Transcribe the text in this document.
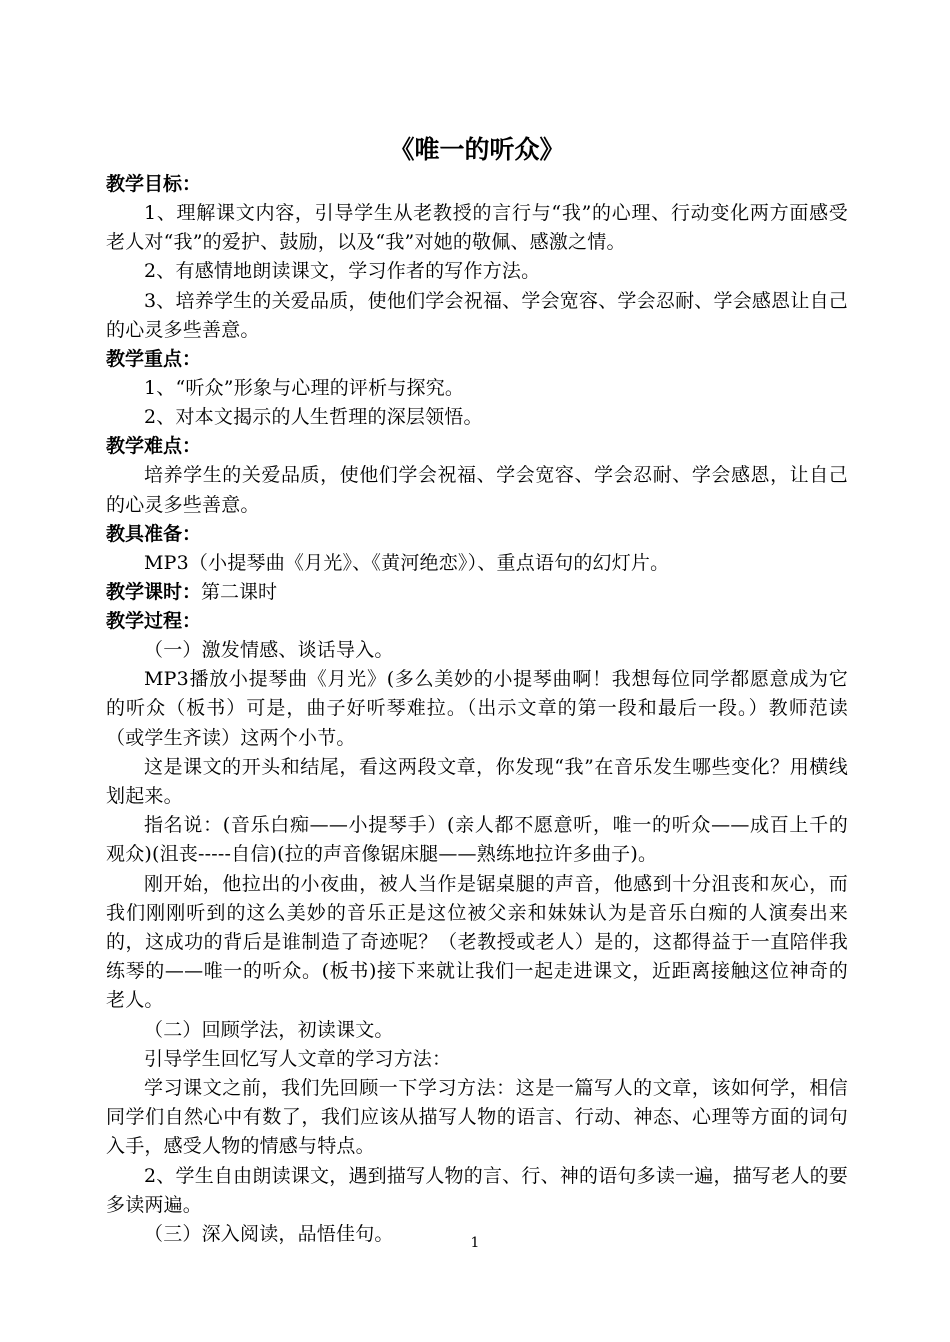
《唯一的听众》
教学目标：

1、理解课文内容，引导学生从老教授的言行与“我”的心理、行动变化两方面感受老人对“我”的爱护、鼓励，以及“我”对她的敬佩、感激之情。

2、有感情地朗读课文，学习作者的写作方法。

3、培养学生的关爱品质，使他们学会祝福、学会宽容、学会忍耐、学会感恩让自己的心灵多些善意。

教学重点：

1、“听众”形象与心理的评析与探究。

2、对本文揭示的人生哲理的深层领悟。

教学难点：

培养学生的关爱品质，使他们学会祝福、学会宽容、学会忍耐、学会感恩，让自己的心灵多些善意。

教具准备：

MP3（小提琴曲《月光》、《黄河绝恋》）、重点语句的幻灯片。

教学课时：第二课时
教学过程：

（一）激发情感、谈话导入。

MP3播放小提琴曲《月光》(多么美妙的小提琴曲啊！我想每位同学都愿意成为它的听众（板书）可是，曲子好听琴难拉。（出示文章的第一段和最后一段。）教师范读（或学生齐读）这两个小节。

这是课文的开头和结尾，看这两段文章，你发现“我”在音乐发生哪些变化？用横线划起来。

指名说：(音乐白痴——小提琴手）(亲人都不愿意听，唯一的听众——成百上千的观众)(沮丧-----自信)(拉的声音像锯床腿——熟练地拉许多曲子)。

刚开始，他拉出的小夜曲，被人当作是锯桌腿的声音，他感到十分沮丧和灰心，而我们刚刚听到的这么美妙的音乐正是这位被父亲和妹妹认为是音乐白痴的人演奏出来的，这成功的背后是谁制造了奇迹呢？（老教授或老人）是的，这都得益于一直陪伴我练琴的——唯一的听众。(板书)接下来就让我们一起走进课文，近距离接触这位神奇的老人。

（二）回顾学法，初读课文。

引导学生回忆写人文章的学习方法：

学习课文之前，我们先回顾一下学习方法：这是一篇写人的文章，该如何学，相信同学们自然心中有数了，我们应该从描写人物的语言、行动、神态、心理等方面的词句入手，感受人物的情感与特点。

2、学生自由朗读课文，遇到描写人物的言、行、神的语句多读一遍，描写老人的要多读两遍。

（三）深入阅读，品悟佳句。	1
